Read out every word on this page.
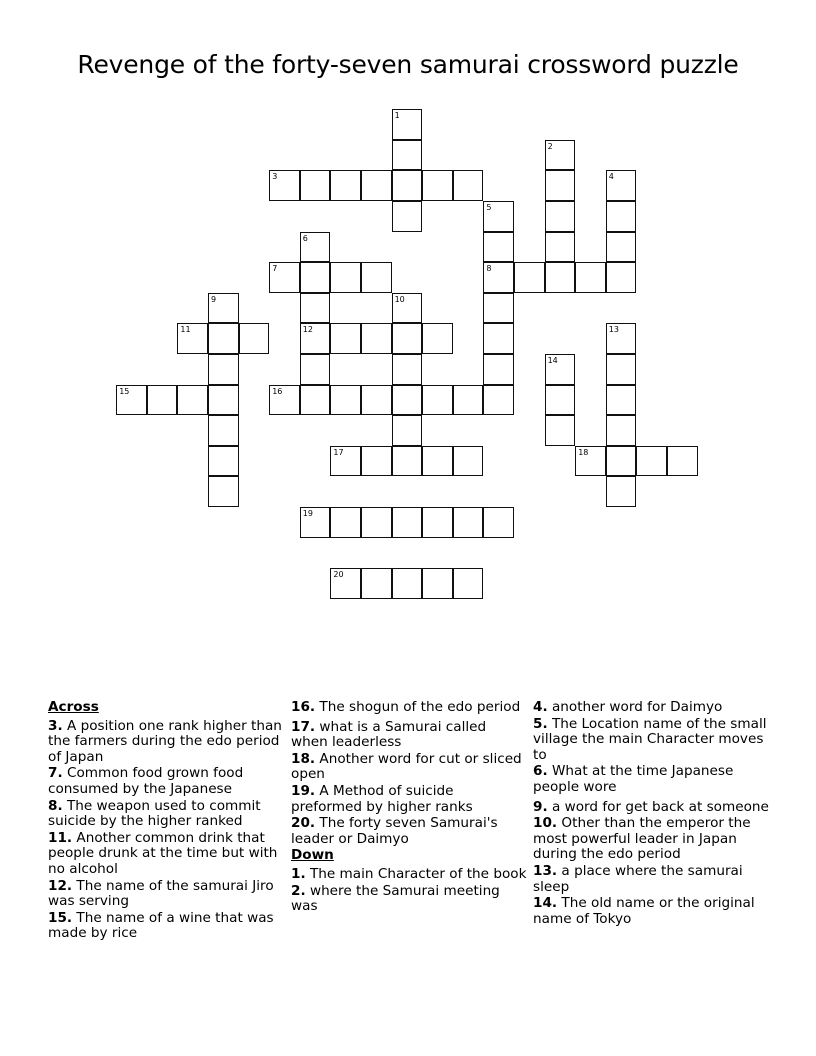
Revenge of the forty-seven samurai crossword puzzle
1
2
3	4
5
8
6
12
7
9	10
11	13
14
15	16
17	18
19
20
Across
3. A position one rank higher than the farmers during the edo period of Japan
7. Common food grown food consumed by the Japanese
8. The weapon used to commit suicide by the higher ranked
11. Another common drink that people drunk at the time but with no alcohol
12. The name of the samurai Jiro was serving
15. The name of a wine that was made by rice
16. The shogun of the edo period
17. what is a Samurai called when leaderless
18. Another word for cut or sliced open
19. A Method of suicide preformed by higher ranks
20. The forty seven Samurai's leader or Daimyo
Down
1. The main Character of the book
2. where the Samurai meeting was
4. another word for Daimyo
5. The Location name of the small village the main Character moves to
6. What at the time Japanese people wore
9. a word for get back at someone
10. Other than the emperor the most powerful leader in Japan during the edo period
13. a place where the samurai sleep
14. The old name or the original name of Tokyo
